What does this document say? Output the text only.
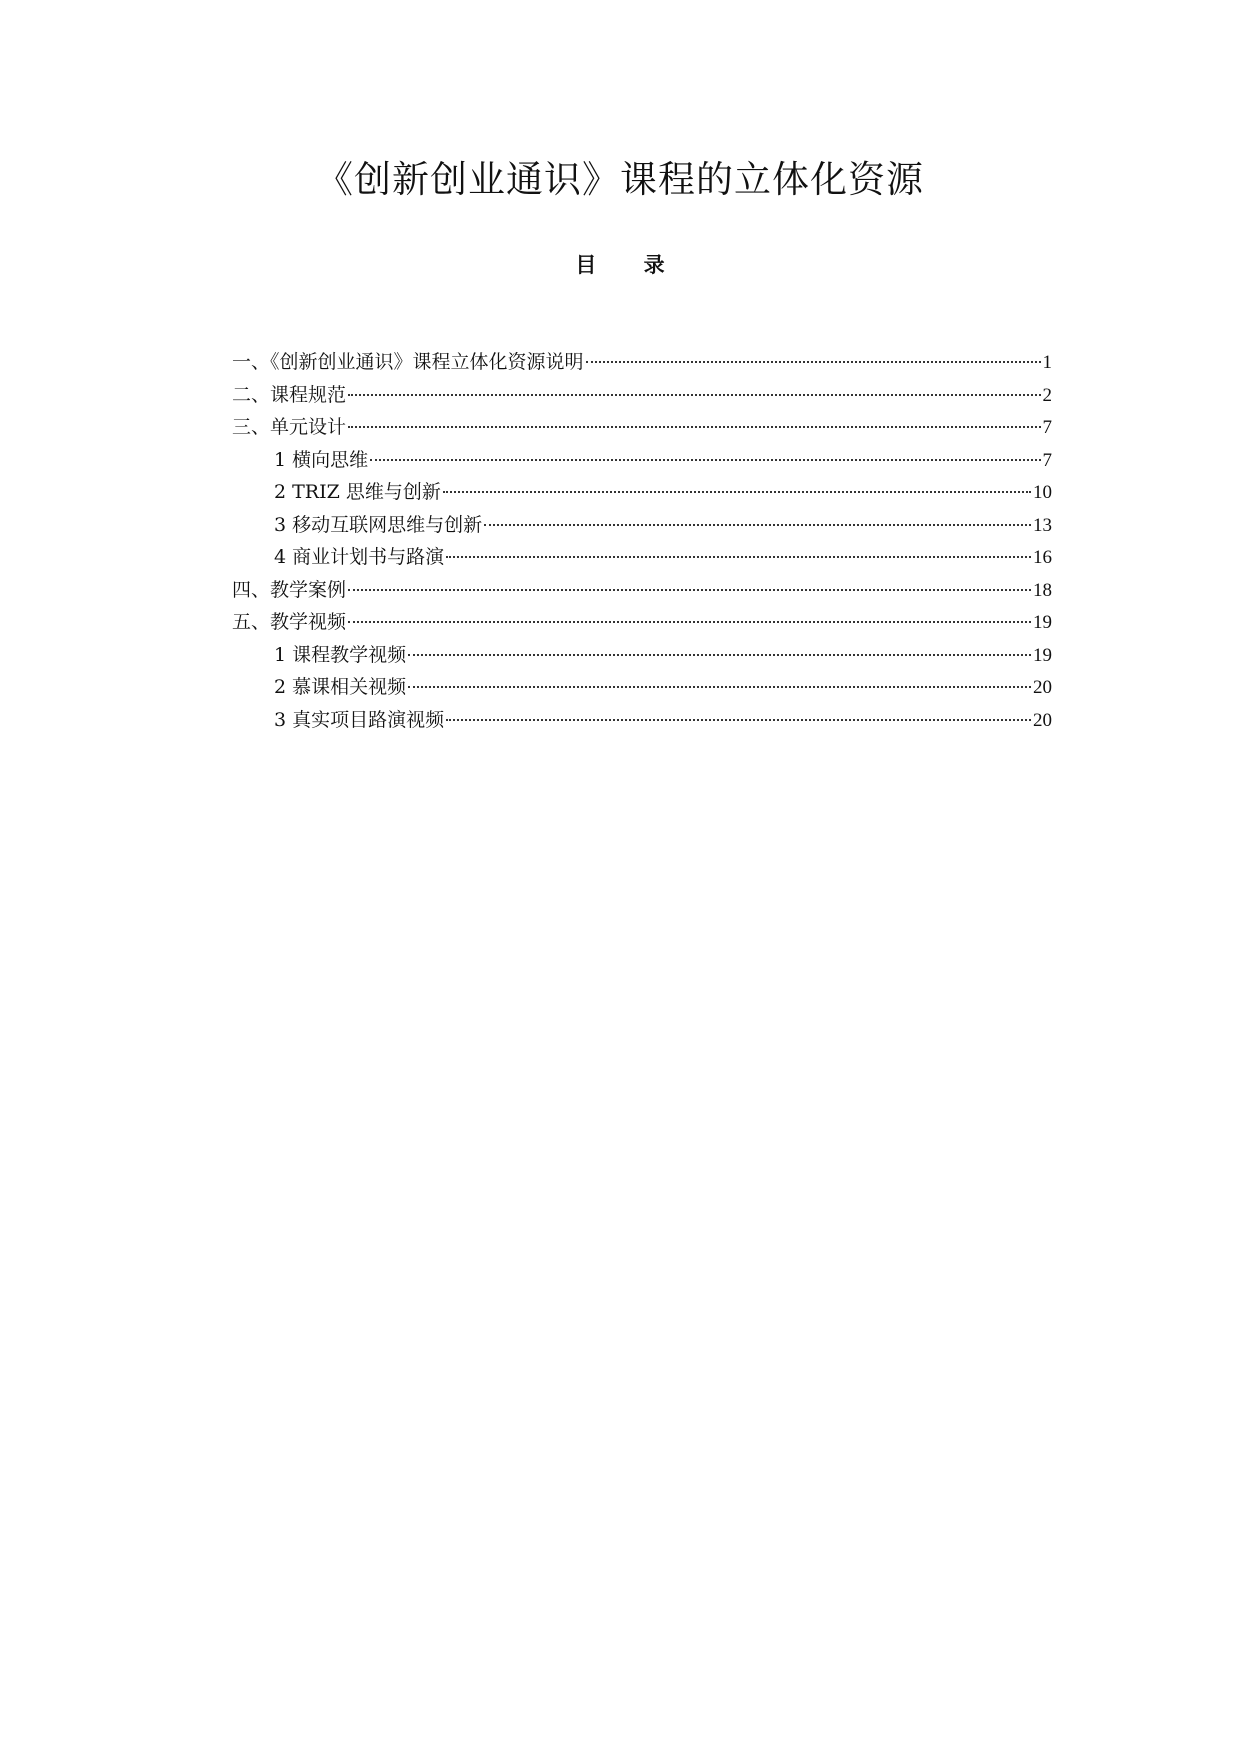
《创新创业通识》课程的立体化资源
目 录
一、《创新创业通识》课程立体化资源说明	1
二、课程规范	2
三、单元设计	7
1 横向思维	7
2 TRIZ 思维与创新	10
3 移动互联网思维与创新	13
4 商业计划书与路演	16
四、教学案例	18
五、教学视频	19
1 课程教学视频	19
2 慕课相关视频	20
3 真实项目路演视频	20
